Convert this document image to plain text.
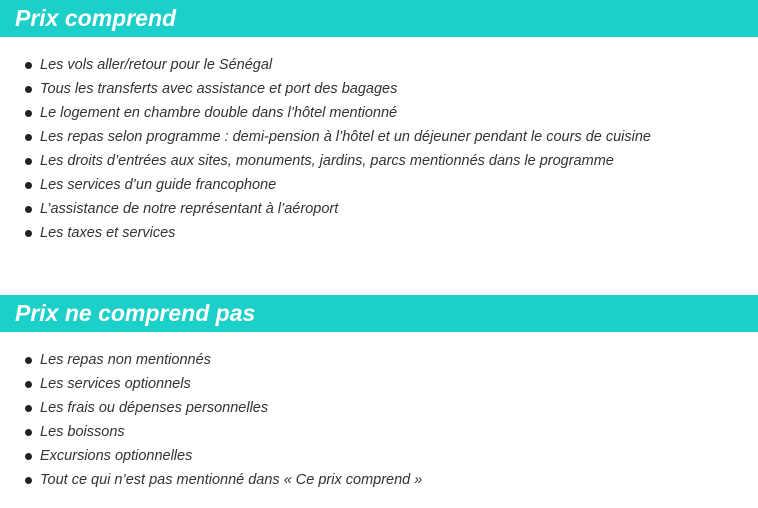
Prix comprend
Les vols aller/retour pour le Sénégal
Tous les transferts avec assistance et port des bagages
Le logement en chambre double dans l’hôtel mentionné
Les repas selon programme : demi-pension à l’hôtel et un déjeuner pendant le cours de cuisine
Les droits d’entrées aux sites, monuments, jardins, parcs mentionnés dans le programme
Les services d’un guide francophone
L’assistance de notre représentant à l’aéroport
Les taxes et services
Prix ne comprend pas
Les repas non mentionnés
Les services optionnels
Les frais ou dépenses personnelles
Les boissons
Excursions optionnelles
Tout ce qui n’est pas mentionné dans « Ce prix comprend »
